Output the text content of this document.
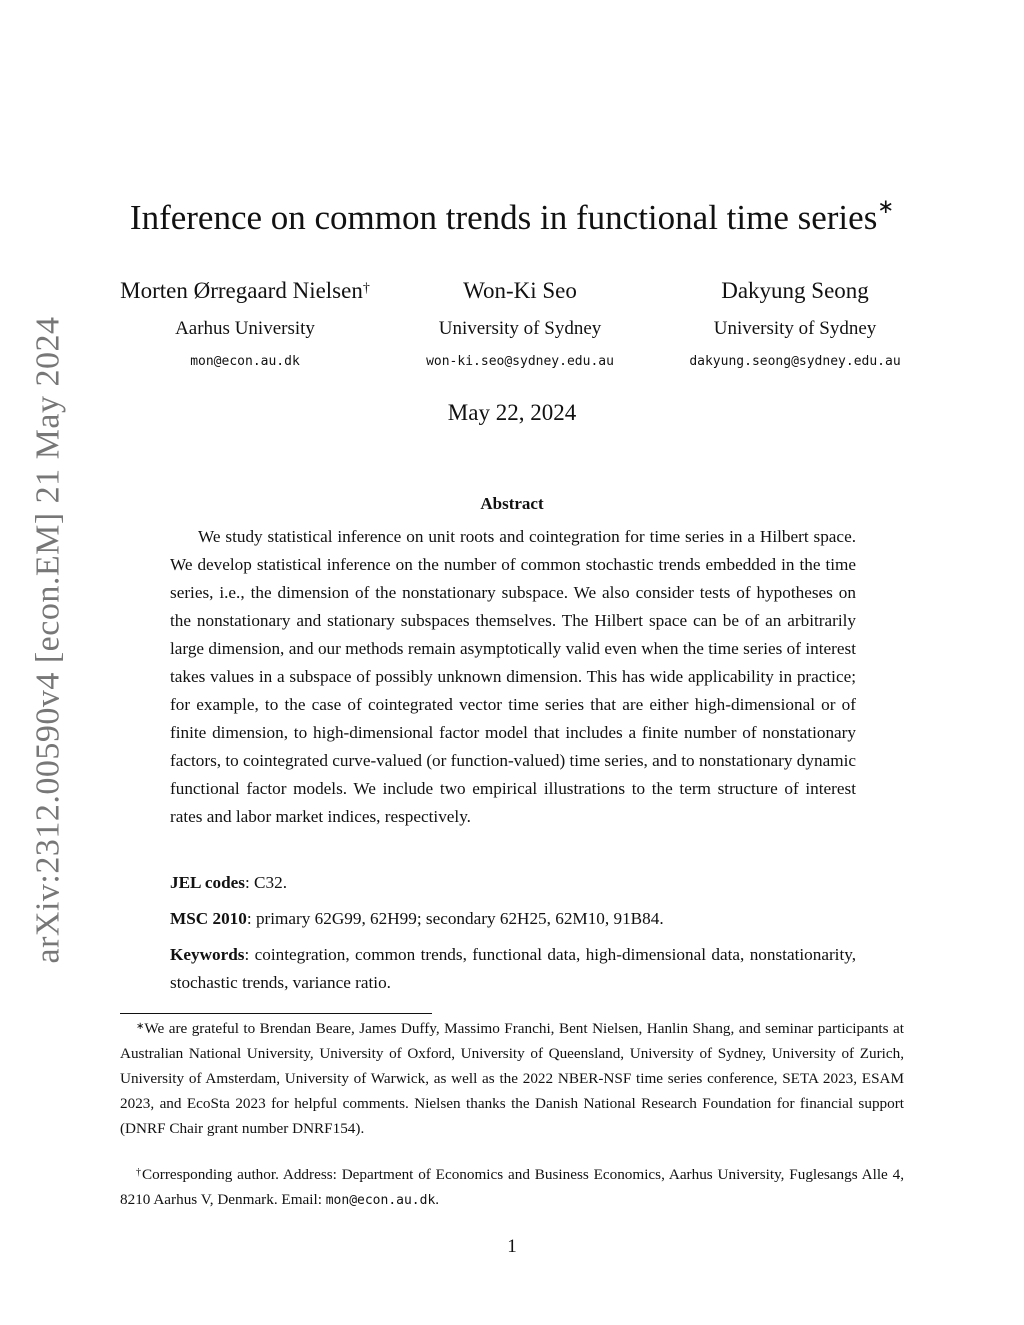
arXiv:2312.00590v4 [econ.EM] 21 May 2024
Inference on common trends in functional time series∗
Morten Ørregaard Nielsen†
Aarhus University
mon@econ.au.dk
Won-Ki Seo
University of Sydney
won-ki.seo@sydney.edu.au
Dakyung Seong
University of Sydney
dakyung.seong@sydney.edu.au
May 22, 2024
Abstract

We study statistical inference on unit roots and cointegration for time series in a Hilbert space. We develop statistical inference on the number of common stochastic trends embedded in the time series, i.e., the dimension of the nonstationary subspace. We also consider tests of hypotheses on the nonstationary and stationary subspaces themselves. The Hilbert space can be of an arbitrarily large dimension, and our methods remain asymptotically valid even when the time series of interest takes values in a subspace of possibly unknown dimension. This has wide applicability in practice; for example, to the case of cointegrated vector time series that are either high-dimensional or of finite dimension, to high-dimensional factor model that includes a finite number of nonstationary factors, to cointegrated curve-valued (or function-valued) time series, and to nonstationary dynamic functional factor models. We include two empirical illustrations to the term structure of interest rates and labor market indices, respectively.

JEL codes: C32.

MSC 2010: primary 62G99, 62H99; secondary 62H25, 62M10, 91B84.

Keywords: cointegration, common trends, functional data, high-dimensional data, nonstationarity, stochastic trends, variance ratio.

∗We are grateful to Brendan Beare, James Duffy, Massimo Franchi, Bent Nielsen, Hanlin Shang, and seminar participants at Australian National University, University of Oxford, University of Queensland, University of Sydney, University of Zurich, University of Amsterdam, University of Warwick, as well as the 2022 NBER-NSF time series conference, SETA 2023, ESAM 2023, and EcoSta 2023 for helpful comments. Nielsen thanks the Danish National Research Foundation for financial support (DNRF Chair grant number DNRF154).

†Corresponding author. Address: Department of Economics and Business Economics, Aarhus University, Fuglesangs Alle 4, 8210 Aarhus V, Denmark. Email: mon@econ.au.dk.

1
